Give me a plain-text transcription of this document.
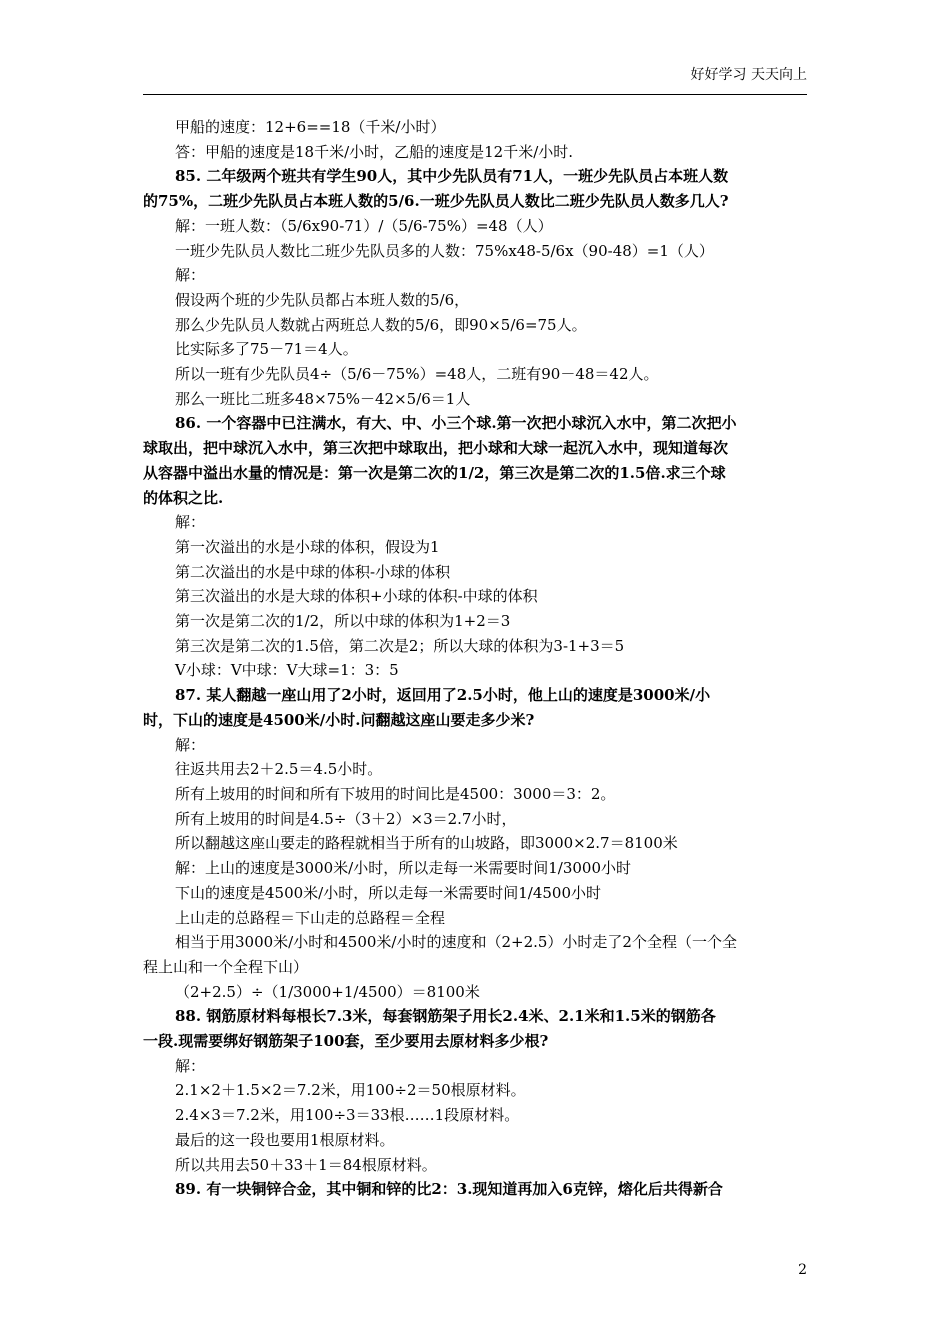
好好学习 天天向上
甲船的速度：12+6==18（千米/小时）
答：甲船的速度是18千米/小时，乙船的速度是12千米/小时.
85. 二年级两个班共有学生90人，其中少先队员有71人，一班少先队员占本班人数
的75%，二班少先队员占本班人数的5/6.一班少先队员人数比二班少先队员人数多几人?
解：一班人数：（5/6x90-71）/（5/6-75%）=48（人）
一班少先队员人数比二班少先队员多的人数：75%x48-5/6x（90-48）=1（人）
解：
假设两个班的少先队员都占本班人数的5/6，
那么少先队员人数就占两班总人数的5/6，即90×5/6=75人。
比实际多了75－71＝4人。
所以一班有少先队员4÷（5/6－75%）=48人，二班有90－48＝42人。
那么一班比二班多48×75%－42×5/6＝1人
86. 一个容器中已注满水，有大、中、小三个球.第一次把小球沉入水中，第二次把小
球取出，把中球沉入水中，第三次把中球取出，把小球和大球一起沉入水中，现知道每次
从容器中溢出水量的情况是：第一次是第二次的1/2，第三次是第二次的1.5倍.求三个球
的体积之比.
解：
第一次溢出的水是小球的体积，假设为1
第二次溢出的水是中球的体积-小球的体积
第三次溢出的水是大球的体积+小球的体积-中球的体积
第一次是第二次的1/2，所以中球的体积为1+2＝3
第三次是第二次的1.5倍，第二次是2；所以大球的体积为3-1+3＝5
V小球：V中球：V大球=1：3：5
87. 某人翻越一座山用了2小时，返回用了2.5小时，他上山的速度是3000米/小
时，下山的速度是4500米/小时.问翻越这座山要走多少米?
解：
往返共用去2＋2.5＝4.5小时。
所有上坡用的时间和所有下坡用的时间比是4500：3000＝3：2。
所有上坡用的时间是4.5÷（3＋2）×3＝2.7小时，
所以翻越这座山要走的路程就相当于所有的山坡路，即3000×2.7＝8100米
解：上山的速度是3000米/小时，所以走每一米需要时间1/3000小时
下山的速度是4500米/小时，所以走每一米需要时间1/4500小时
上山走的总路程＝下山走的总路程＝全程
相当于用3000米/小时和4500米/小时的速度和（2+2.5）小时走了2个全程（一个全
程上山和一个全程下山）
（2+2.5）÷（1/3000+1/4500）＝8100米
88. 钢筋原材料每根长7.3米，每套钢筋架子用长2.4米、2.1米和1.5米的钢筋各
一段.现需要绑好钢筋架子100套，至少要用去原材料多少根?
解：
2.1×2＋1.5×2＝7.2米，用100÷2＝50根原材料。
2.4×3＝7.2米，用100÷3＝33根……1段原材料。
最后的这一段也要用1根原材料。
所以共用去50＋33＋1＝84根原材料。
89. 有一块铜锌合金，其中铜和锌的比2：3.现知道再加入6克锌，熔化后共得新合
2
